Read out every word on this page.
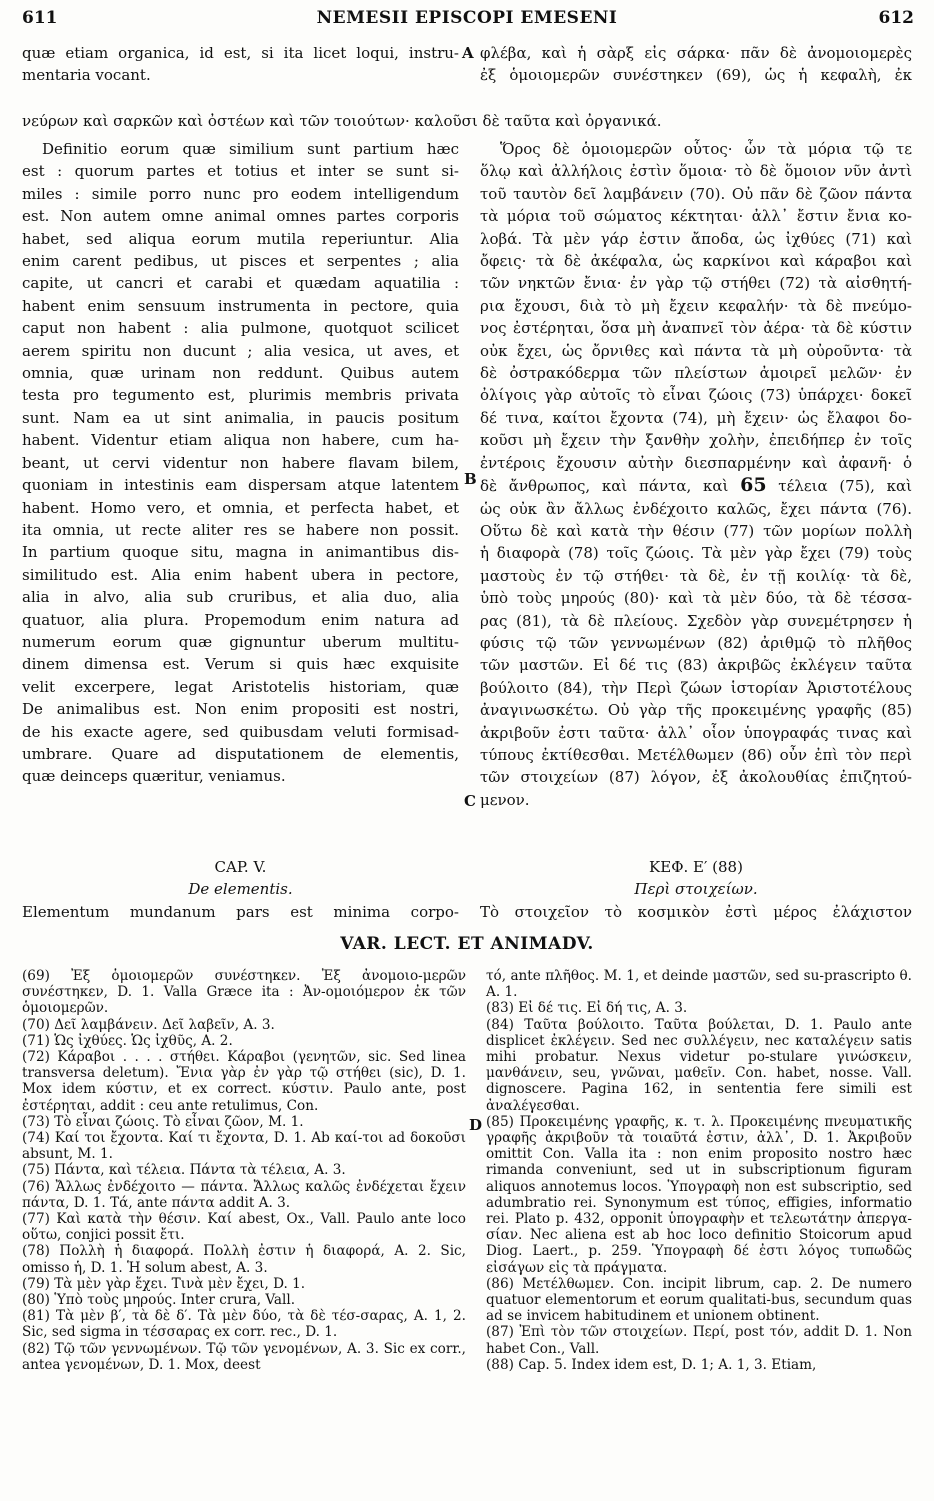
611	NEMESII EPISCOPI EMESENI	612
A
B
C

quæ etiam organica, id est, si ita licet loqui, instru-

mentaria vocant.

φλέβα, καὶ ἡ σὰρξ εἰς σάρκα· πᾶν δὲ ἀνομοιομερὲς

ἐξ ὁμοιομερῶν συνέστηκεν (69), ὡς ἡ κεφαλὴ, ἐκ

νεύρων καὶ σαρκῶν καὶ ὀστέων καὶ τῶν τοιούτων· καλοῦσι δὲ ταῦτα καὶ ὀργανικά.

Definitio eorum quæ similium sunt partium hæc

est : quorum partes et totius et inter se sunt si-

miles : simile porro nunc pro eodem intelligendum

est. Non autem omne animal omnes partes corporis

habet, sed aliqua eorum mutila reperiuntur. Alia

enim carent pedibus, ut pisces et serpentes ; alia

capite, ut cancri et carabi et quædam aquatilia :

habent enim sensuum instrumenta in pectore, quia

caput non habent : alia pulmone, quotquot scilicet

aerem spiritu non ducunt ; alia vesica, ut aves, et

omnia, quæ urinam non reddunt. Quibus autem

testa pro tegumento est, plurimis membris privata

sunt. Nam ea ut sint animalia, in paucis positum

habent. Videntur etiam aliqua non habere, cum ha-

beant, ut cervi videntur non habere flavam bilem,

quoniam in intestinis eam dispersam atque latentem

habent. Homo vero, et omnia, et perfecta habet, et

ita omnia, ut recte aliter res se habere non possit.

In partium quoque situ, magna in animantibus dis-

similitudo est. Alia enim habent ubera in pectore,

alia in alvo, alia sub cruribus, et alia duo, alia

quatuor, alia plura. Propemodum enim natura ad

numerum eorum quæ gignuntur uberum multitu-

dinem dimensa est. Verum si quis hæc exquisite

velit excerpere, legat Aristotelis historiam, quæ

De animalibus est. Non enim propositi est nostri,

de his exacte agere, sed quibusdam veluti formisad-

umbrare. Quare ad disputationem de elementis,

quæ deinceps quæritur, veniamus.

Ὅρος δὲ ὁμοιομερῶν οὗτος· ὧν τὰ μόρια τῷ τε

ὅλῳ καὶ ἀλλήλοις ἐστὶν ὅμοια· τὸ δὲ ὅμοιον νῦν ἀντὶ

τοῦ ταυτὸν δεῖ λαμβάνειν (70). Οὐ πᾶν δὲ ζῶον πάντα

τὰ μόρια τοῦ σώματος κέκτηται· ἀλλ᾽ ἔστιν ἔνια κο-

λοβά. Τὰ μὲν γάρ ἐστιν ἄποδα, ὡς ἰχθύες (71) καὶ

ὄφεις· τὰ δὲ ἀκέφαλα, ὡς καρκίνοι καὶ κάραβοι καὶ

τῶν νηκτῶν ἔνια· ἐν γὰρ τῷ στήθει (72) τὰ αἰσθητή-

ρια ἔχουσι, διὰ τὸ μὴ ἔχειν κεφαλήν· τὰ δὲ πνεύμο-

νος ἐστέρηται, ὅσα μὴ ἀναπνεῖ τὸν ἀέρα· τὰ δὲ κύστιν

οὐκ ἔχει, ὡς ὄρνιθες καὶ πάντα τὰ μὴ οὐροῦντα· τὰ

δὲ ὀστρακόδερμα τῶν πλείστων ἀμοιρεῖ μελῶν· ἐν

ὀλίγοις γὰρ αὐτοῖς τὸ εἶναι ζώοις (73) ὑπάρχει· δοκεῖ

δέ τινα, καίτοι ἔχοντα (74), μὴ ἔχειν· ὡς ἔλαφοι δο-

κοῦσι μὴ ἔχειν τὴν ξανθὴν χολὴν, ἐπειδήπερ ἐν τοῖς

ἐντέροις ἔχουσιν αὐτὴν διεσπαρμένην καὶ ἀφανῆ· ὁ

δὲ ἄνθρωπος, καὶ πάντα, καὶ 65 τέλεια (75), καὶ

ὡς οὐκ ἂν ἄλλως ἐνδέχοιτο καλῶς, ἔχει πάντα (76).

Οὕτω δὲ καὶ κατὰ τὴν θέσιν (77) τῶν μορίων πολλὴ

ἡ διαφορὰ (78) τοῖς ζώοις. Τὰ μὲν γὰρ ἔχει (79) τοὺς

μαστοὺς ἐν τῷ στήθει· τὰ δὲ, ἐν τῇ κοιλίᾳ· τὰ δὲ,

ὑπὸ τοὺς μηρούς (80)· καὶ τὰ μὲν δύο, τὰ δὲ τέσσα-

ρας (81), τὰ δὲ πλείους. Σχεδὸν γὰρ συνεμέτρησεν ἡ

φύσις τῷ τῶν γεννωμένων (82) ἀριθμῷ τὸ πλῆθος

τῶν μαστῶν. Εἰ δέ τις (83) ἀκριβῶς ἐκλέγειν ταῦτα

βούλοιτο (84), τὴν Περὶ ζώων ἱστορίαν Ἀριστοτέλους

ἀναγινωσκέτω. Οὐ γὰρ τῆς προκειμένης γραφῆς (85)

ἀκριβοῦν ἐστι ταῦτα· ἀλλ᾽ οἷον ὑπογραφάς τινας καὶ

τύπους ἐκτίθεσθαι. Μετέλθωμεν (86) οὖν ἐπὶ τὸν περὶ

τῶν στοιχείων (87) λόγον, ἐξ ἀκολουθίας ἐπιζητού-

μενον.

CAP. V.

De elementis.

Elementum mundanum pars est minima corpo-

ΚΕΦ. Ε′ (88)

Περὶ στοιχείων.

Τὸ στοιχεῖον τὸ κοσμικὸν ἐστὶ μέρος ἐλάχιστον

VAR. LECT. ET ANIMADV.
D

(69) Ἐξ ὁμοιομερῶν συνέστηκεν. Ἐξ ἀνομοιο-μερῶν συνέστηκεν, D. 1. Valla Græce ita : Ἀν-ομοιόμερον ἐκ τῶν ὁμοιομερῶν.

(70) Δεῖ λαμβάνειν. Δεῖ λαβεῖν, A. 3.

(71) Ὡς ἰχθύες. Ὡς ἰχθῦς, A. 2.

(72) Κάραβοι . . . . στήθει. Κάραβοι (γενητῶν, sic. Sed linea transversa deletum). Ἔνια γὰρ ἐν γὰρ τῷ στήθει (sic), D. 1. Mox idem κύστιν, et ex correct. κύστιν. Paulo ante, post ἐστέρηται, addit : ceu ante retulimus, Con.

(73) Τὸ εἶναι ζώοις. Τὸ εἶναι ζῶον, M. 1.

(74) Καί τοι ἔχοντα. Καί τι ἔχοντα, D. 1. Ab καί-τοι ad δοκοῦσι absunt, M. 1.

(75) Πάντα, καὶ τέλεια. Πάντα τὰ τέλεια, A. 3.

(76) Ἄλλως ἐνδέχοιτο — πάντα. Ἄλλως καλῶς ἐνδέχεται ἔχειν πάντα, D. 1. Τά, ante πάντα addit A. 3.

(77) Καὶ κατὰ τὴν θέσιν. Καί abest, Ox., Vall. Paulo ante loco οὕτω, conjici possit ἔτι.

(78) Πολλὴ ἡ διαφορά. Πολλὴ ἐστιν ἡ διαφορά, A. 2. Sic, omisso ἡ, D. 1. Ἡ solum abest, A. 3.

(79) Τὰ μὲν γὰρ ἔχει. Τινὰ μὲν ἔχει, D. 1.

(80) Ὑπὸ τοὺς μηρούς. Inter crura, Vall.

(81) Τὰ μὲν β′, τὰ δὲ δ′. Τὰ μὲν δύο, τὰ δὲ τέσ-σαρας, A. 1, 2. Sic, sed sigma in τέσσαρας ex corr. rec., D. 1.

(82) Τῷ τῶν γεννωμένων. Τῷ τῶν γενομένων, A. 3. Sic ex corr., antea γενομένων, D. 1. Mox, deest

τό, ante πλῆθος. M. 1, et deinde μαστῶν, sed su-prascripto θ. A. 1.

(83) Εἰ δέ τις. Εἰ δή τις, A. 3.

(84) Ταῦτα βούλοιτο. Ταῦτα βούλεται, D. 1. Paulo ante displicet ἐκλέγειν. Sed nec συλλέγειν, nec καταλέγειν satis mihi probatur. Nexus videtur po-stulare γινώσκειν, μανθάνειν, seu, γνῶναι, μαθεῖν. Con. habet, nosse. Vall. dignoscere. Pagina 162, in sententia fere simili est ἀναλέγεσθαι.

(85) Προκειμένης γραφῆς, κ. τ. λ. Προκειμένης πνευματικῆς γραφῆς ἀκριβοῦν τὰ τοιαῦτά ἐστιν, ἀλλ᾽, D. 1. Ἀκριβοῦν omittit Con. Valla ita : non enim proposito nostro hæc rimanda conveniunt, sed ut in subscriptionum figuram aliquos annotemus locos. Ὑπογραφὴ non est subscriptio, sed adumbratio rei. Synonymum est τύπος, effigies, informatio rei. Plato p. 432, opponit ὑπογραφὴν et τελεωτάτην ἀπεργα-σίαν. Nec aliena est ab hoc loco definitio Stoicorum apud Diog. Laert., p. 259. Ὑπογραφὴ δέ ἐστι λόγος τυπωδῶς εἰσάγων εἰς τὰ πράγματα.

(86) Μετέλθωμεν. Con. incipit librum, cap. 2. De numero quatuor elementorum et eorum qualitati-bus, secundum quas ad se invicem habitudinem et unionem obtinent.

(87) Ἐπὶ τὸν τῶν στοιχείων. Περί, post τόν, addit D. 1. Non habet Con., Vall.

(88) Cap. 5. Index idem est, D. 1; A. 1, 3. Etiam,
